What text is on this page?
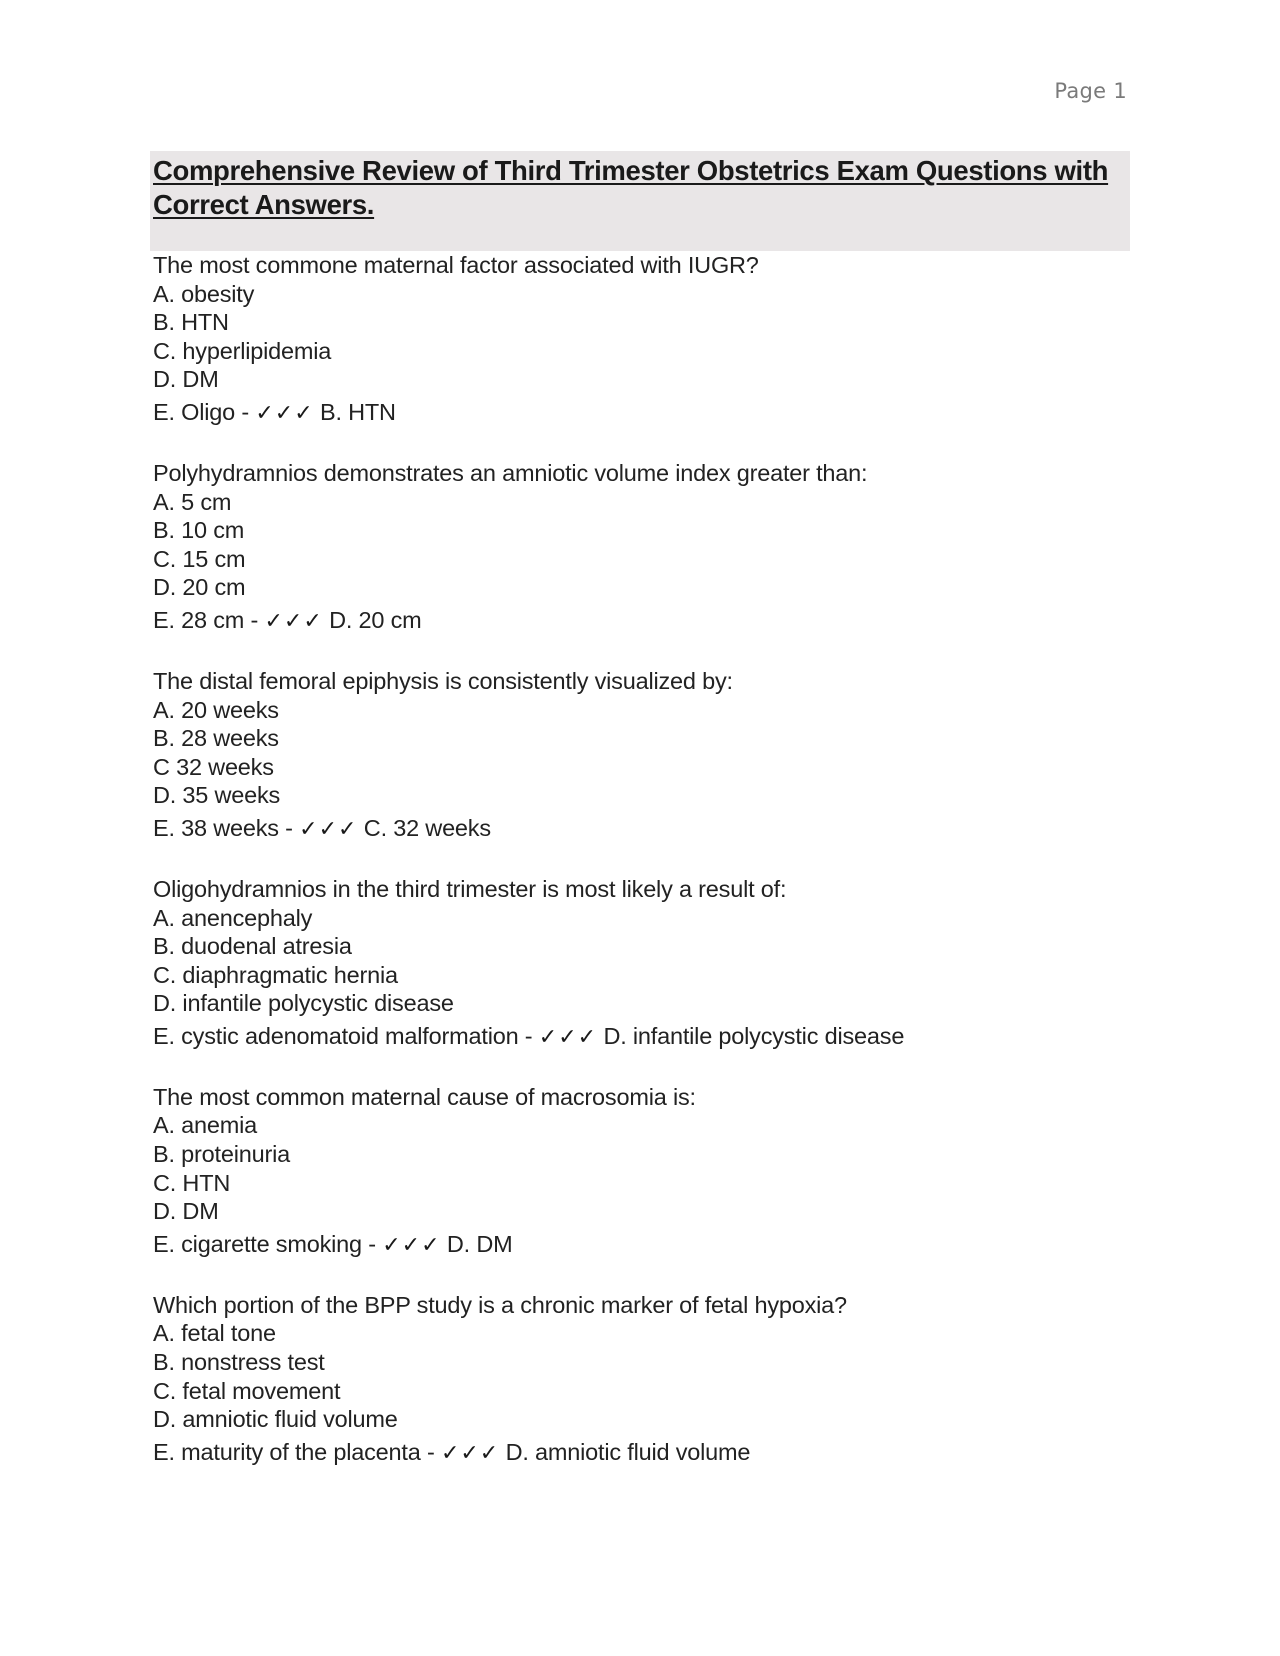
Page 1
Comprehensive Review of Third Trimester Obstetrics Exam Questions with Correct Answers.
The most commone maternal factor associated with IUGR?
A. obesity
B. HTN
C. hyperlipidemia
D. DM
E. Oligo - ✓✓✓ B. HTN
Polyhydramnios demonstrates an amniotic volume index greater than:
A. 5 cm
B. 10 cm
C. 15 cm
D. 20 cm
E. 28 cm - ✓✓✓ D. 20 cm
The distal femoral epiphysis is consistently visualized by:
A. 20 weeks
B. 28 weeks
C 32 weeks
D. 35 weeks
E. 38 weeks - ✓✓✓ C. 32 weeks
Oligohydramnios in the third trimester is most likely a result of:
A. anencephaly
B. duodenal atresia
C. diaphragmatic hernia
D. infantile polycystic disease
E. cystic adenomatoid malformation - ✓✓✓ D. infantile polycystic disease
The most common maternal cause of macrosomia is:
A. anemia
B. proteinuria
C. HTN
D. DM
E. cigarette smoking - ✓✓✓ D. DM
Which portion of the BPP study is a chronic marker of fetal hypoxia?
A. fetal tone
B. nonstress test
C. fetal movement
D. amniotic fluid volume
E. maturity of the placenta - ✓✓✓ D. amniotic fluid volume
